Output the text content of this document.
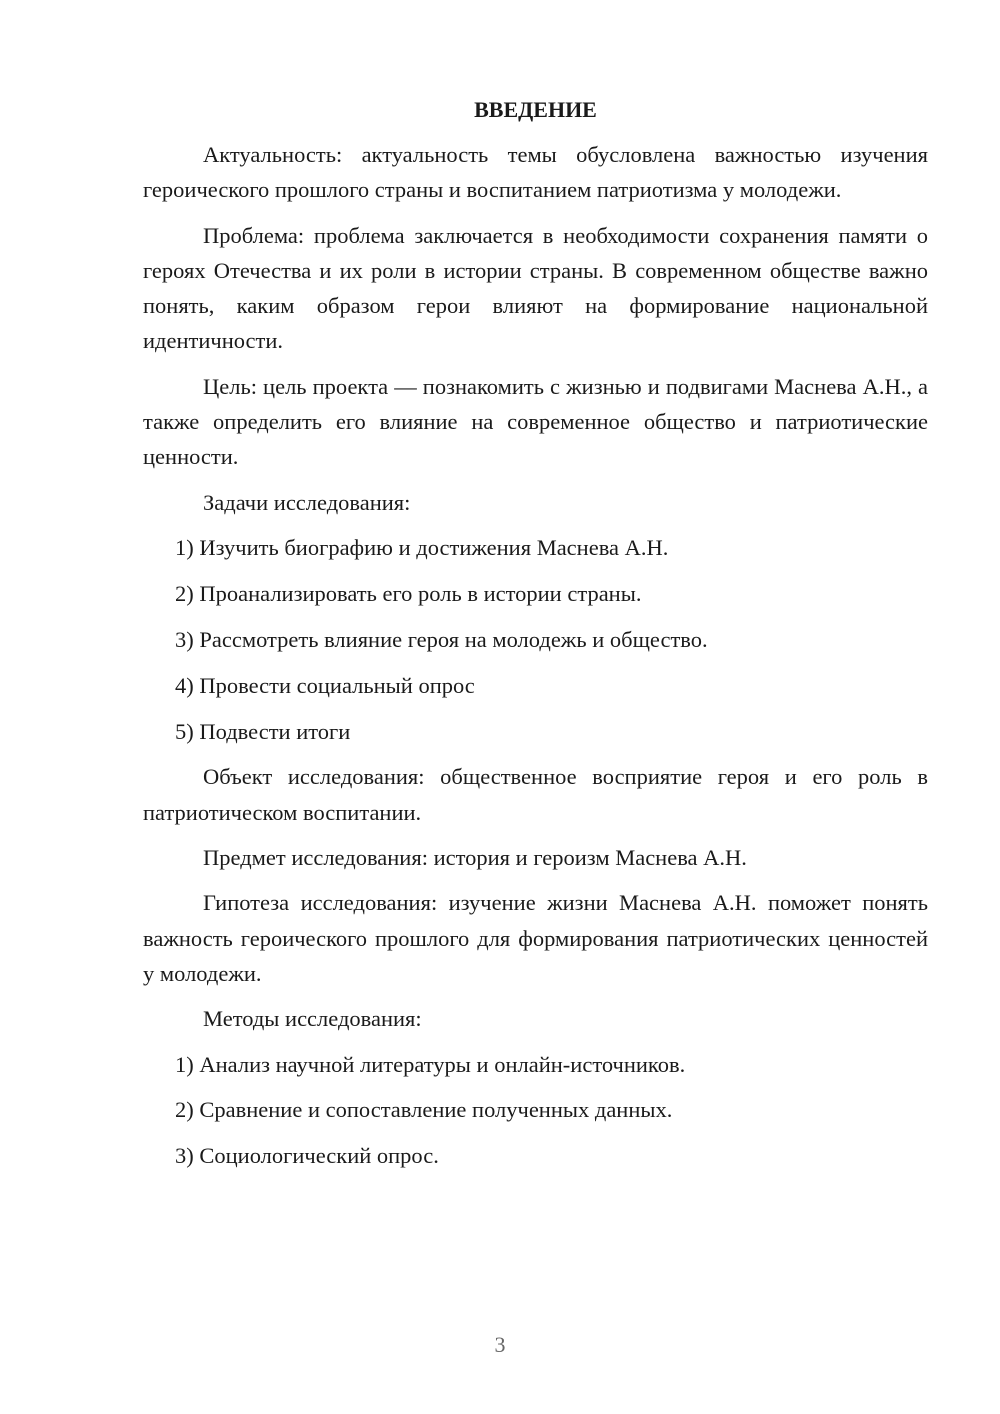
ВВЕДЕНИЕ

Актуальность: актуальность темы обусловлена важностью изучения героического прошлого страны и воспитанием патриотизма у молодежи.

Проблема: проблема заключается в необходимости сохранения памяти о героях Отечества и их роли в истории страны. В современном обществе важно понять, каким образом герои влияют на формирование национальной идентичности.

Цель: цель проекта — познакомить с жизнью и подвигами Маснева А.Н., а также определить его влияние на современное общество и патриотические ценности.

Задачи исследования:

1) Изучить биографию и достижения Маснева А.Н.
2) Проанализировать его роль в истории страны.
3) Рассмотреть влияние героя на молодежь и общество.
4) Провести социальный опрос
5) Подвести итоги

Объект исследования: общественное восприятие героя и его роль в патриотическом воспитании.

Предмет исследования: история и героизм Маснева А.Н.

Гипотеза исследования: изучение жизни Маснева А.Н. поможет понять важность героического прошлого для формирования патриотических ценностей у молодежи.

Методы исследования:

1) Анализ научной литературы и онлайн-источников.
2) Сравнение и сопоставление полученных данных.
3) Социологический опрос.
3
